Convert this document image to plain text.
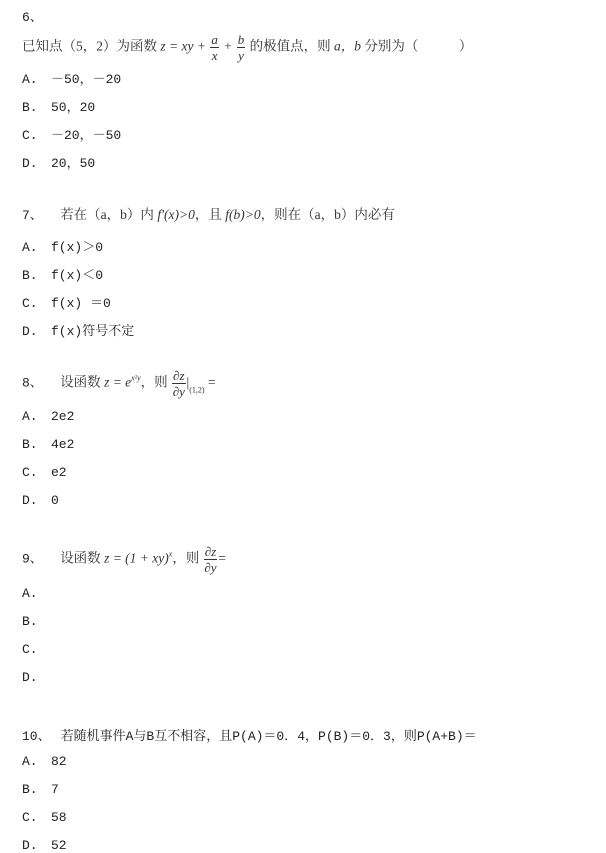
6、
已知点（5，2）为函数 z = xy + $\frac{a}{x} + \frac{b}{y}$ 的极值点，则 a，b 分别为（　　　）
A. －50，－20
B. 50，20
C. －20，－50
D. 20，50
7、 若在（a，b）内 f′(x)>0，且 f(b)>0，则在（a，b）内必有
A. f(x)＞0
B. f(x)＜0
C. f(x) ＝0
D. f(x)符号不定
8、 设函数 $z = e^{x^2y}$，则 $\frac{\partial z}{\partial y} |_{(1,2)}$ =
A. 2e2
B. 4e2
C. e2
D. 0
9、 设函数 z = (1 + xy)$^x$，则 $\frac{\partial z}{\partial y}$ =
A.
B.
C.
D.
10、 若随机事件A与B互不相容，且P(A)＝0．4，P(B)＝0．3，则P(A+B)＝
A. 82
B. 7
C. 58
D. 52
